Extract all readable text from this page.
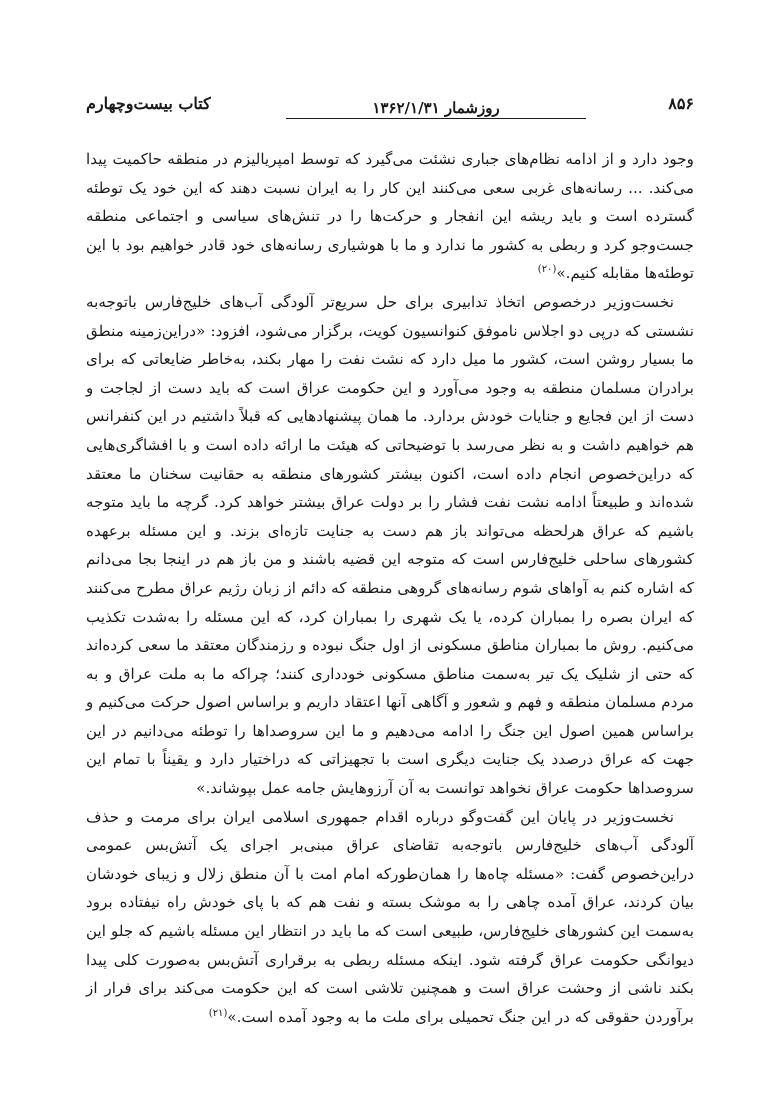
۸۵۶
روزشمار ۱۳۶۲/۱/۳۱
کتاب بیست‌وچهارم

وجود دارد و از ادامه نظام‌های جباری نشئت می‌گیرد که توسط امپریالیزم در منطقه حاکمیت پیدا می‌کند. ... رسانه‌های غربی سعی می‌کنند این کار را به ایران نسبت دهند که این خود یک توطئه گسترده است و باید ریشه این انفجار و حرکت‌ها را در تنش‌های سیاسی و اجتماعی منطقه جست‌وجو کرد و ربطی به کشور ما ندارد و ما با هوشیاری رسانه‌های خود قادر خواهیم بود با این توطئه‌ها مقابله کنیم.»$^{(۲۰)}$

نخست‌وزیر درخصوص اتخاذ تدابیری برای حل سریع‌تر آلودگی آب‌های خلیج‌فارس باتوجه‌به نشستی که درپی دو اجلاس ناموفق کنوانسیون کویت، برگزار می‌شود، افزود: «دراین‌زمینه منطق ما بسیار روشن است، کشور ما میل دارد که نشت نفت را مهار بکند، به‌خاطر ضایعاتی که برای برادران مسلمان منطقه به وجود می‌آورد و این حکومت عراق است که باید دست از لجاجت و دست از این فجایع و جنایات خودش بردارد. ما همان پیشنهادهایی که قبلاً داشتیم در این کنفرانس هم خواهیم داشت و به نظر می‌رسد با توضیحاتی که هیئت ما ارائه داده است و با افشاگری‌هایی که دراین‌خصوص انجام داده است، اکنون بیشتر کشورهای منطقه به حقانیت سخنان ما معتقد شده‌اند و طبیعتاً ادامه نشت نفت فشار را بر دولت عراق بیشتر خواهد کرد. گرچه ما باید متوجه باشیم که عراق هرلحظه می‌تواند باز هم دست به جنایت تازه‌ای بزند. و این مسئله برعهده کشورهای ساحلی خلیج‌فارس است که متوجه این قضیه باشند و من باز هم در اینجا بجا می‌دانم که اشاره کنم به آواهای شوم رسانه‌های گروهی منطقه که دائم از زبان رژیم عراق مطرح می‌کنند که ایران بصره را بمباران کرده، یا یک شهری را بمباران کرد، که این مسئله را به‌شدت تکذیب می‌کنیم. روش ما بمباران مناطق مسکونی از اول جنگ نبوده و رزمندگان معتقد ما سعی کرده‌اند که حتی از شلیک یک تیر به‌سمت مناطق مسکونی خودداری کنند؛ چراکه ما به ملت عراق و به مردم مسلمان منطقه و فهم و شعور و آگاهی آنها اعتقاد داریم و براساس اصول حرکت می‌کنیم و براساس همین اصول این جنگ را ادامه می‌دهیم و ما این سروصداها را توطئه می‌دانیم در این جهت که عراق درصدد یک جنایت دیگری است با تجهیزاتی که دراختیار دارد و یقیناً با تمام این سروصداها حکومت عراق نخواهد توانست به آن آرزوهایش جامه عمل بپوشاند.»

نخست‌وزیر در پایان این گفت‌وگو درباره اقدام جمهوری اسلامی ایران برای مرمت و حذف آلودگی آب‌های خلیج‌فارس باتوجه‌به تقاضای عراق مبنی‌بر اجرای یک آتش‌بس عمومی دراین‌خصوص گفت: «مسئله چاه‌ها را همان‌طورکه امام امت با آن منطق زلال و زیبای خودشان بیان کردند، عراق آمده چاهی را به موشک بسته و نفت هم که با پای خودش راه نیفتاده برود به‌سمت این کشورهای خلیج‌فارس، طبیعی است که ما باید در انتظار این مسئله باشیم که جلو این دیوانگی حکومت عراق گرفته شود. اینکه مسئله ربطی به برقراری آتش‌بس به‌صورت کلی پیدا بکند ناشی از وحشت عراق است و همچنین تلاشی است که این حکومت می‌کند برای فرار از برآوردن حقوقی که در این جنگ تحمیلی برای ملت ما به وجود آمده است.»$^{(۲۱)}$
